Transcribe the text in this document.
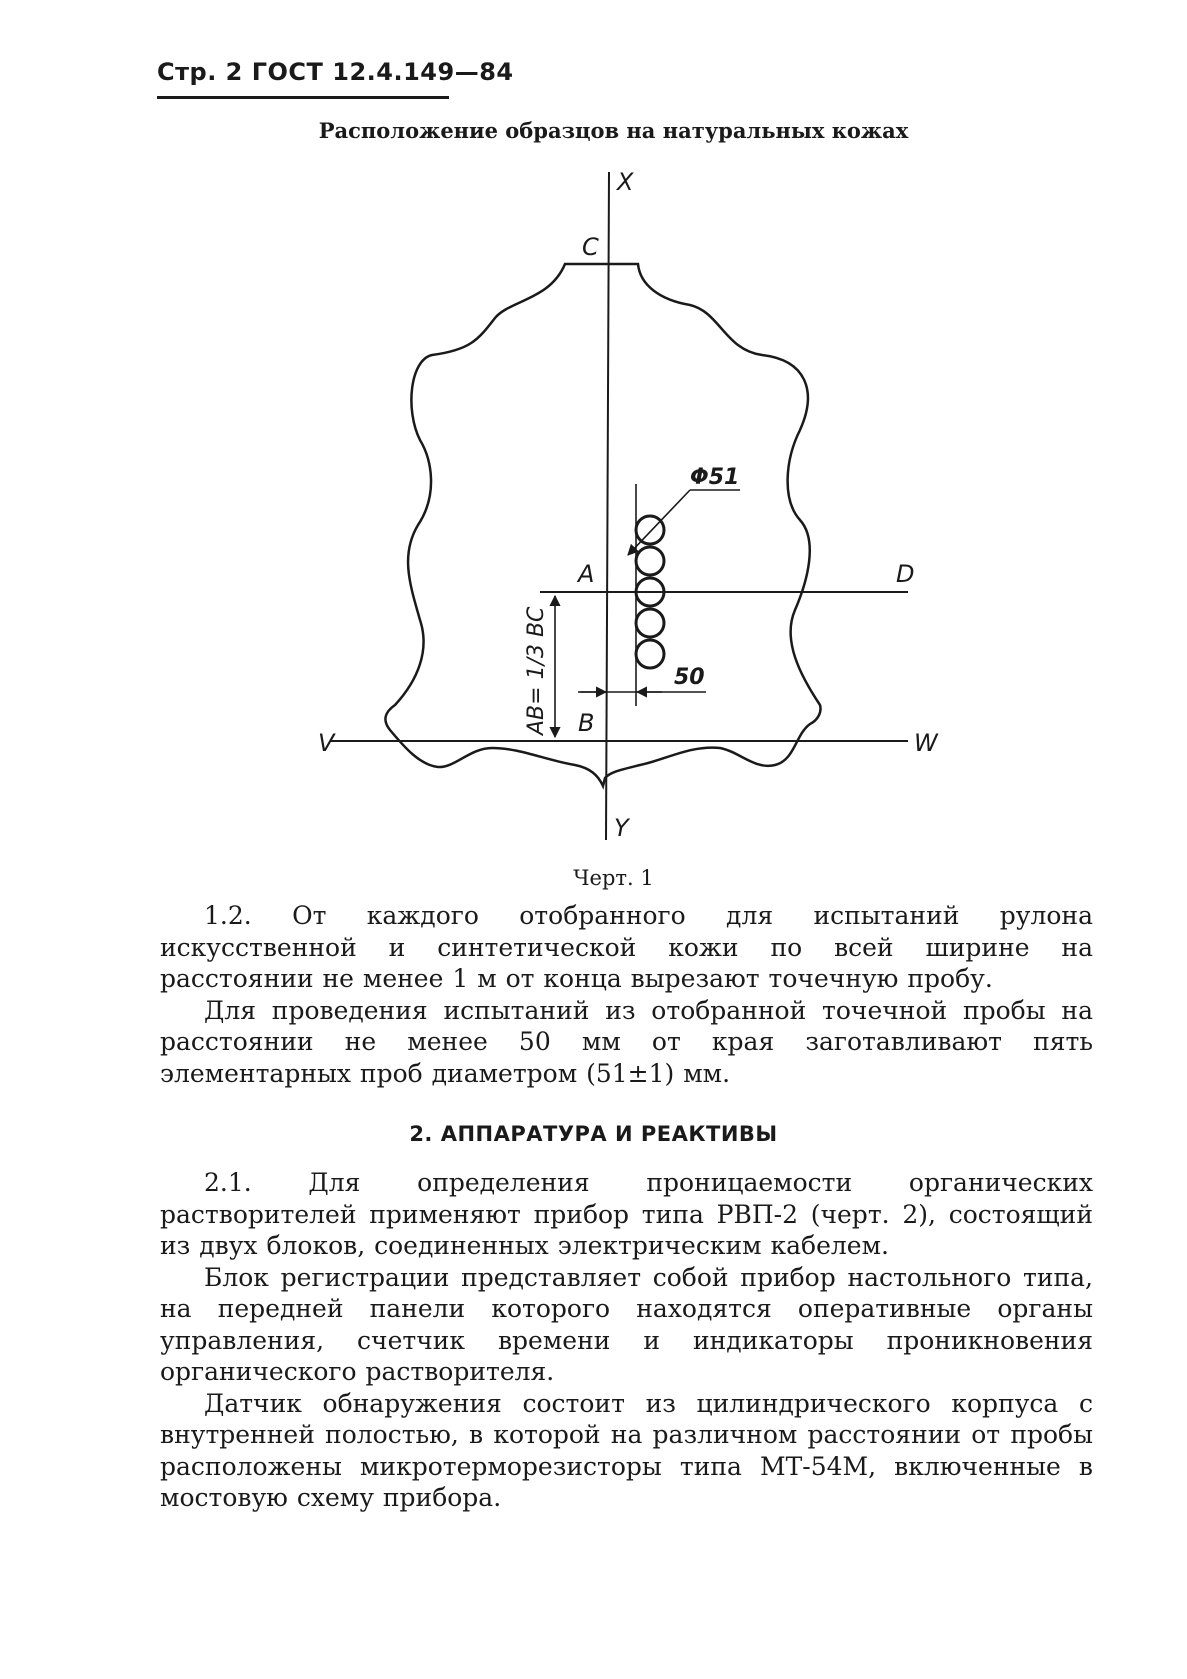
Стр. 2 ГОСТ 12.4.149—84
Расположение образцов на натуральных кожах
X
C
Φ51
A	D
50
B
V	W
Y
AB= 1/3 BC
Черт. 1

1.2. От каждого отобранного для испытаний рулона искусственной и синтетической кожи по всей ширине на расстоянии не менее 1 м от конца вырезают точечную пробу.

Для проведения испытаний из отобранной точечной пробы на расстоянии не менее 50 мм от края заготавливают пять элементарных проб диаметром (51±1) мм.

2. АППАРАТУРА И РЕАКТИВЫ

2.1. Для определения проницаемости органических растворителей применяют прибор типа РВП-2 (черт. 2), состоящий из двух блоков, соединенных электрическим кабелем.

Блок регистрации представляет собой прибор настольного типа, на передней панели которого находятся оперативные органы управления, счетчик времени и индикаторы проникновения органического растворителя.

Датчик обнаружения состоит из цилиндрического корпуса с внутренней полостью, в которой на различном расстоянии от пробы расположены микротерморезисторы типа МТ-54М, включенные в мостовую схему прибора.
